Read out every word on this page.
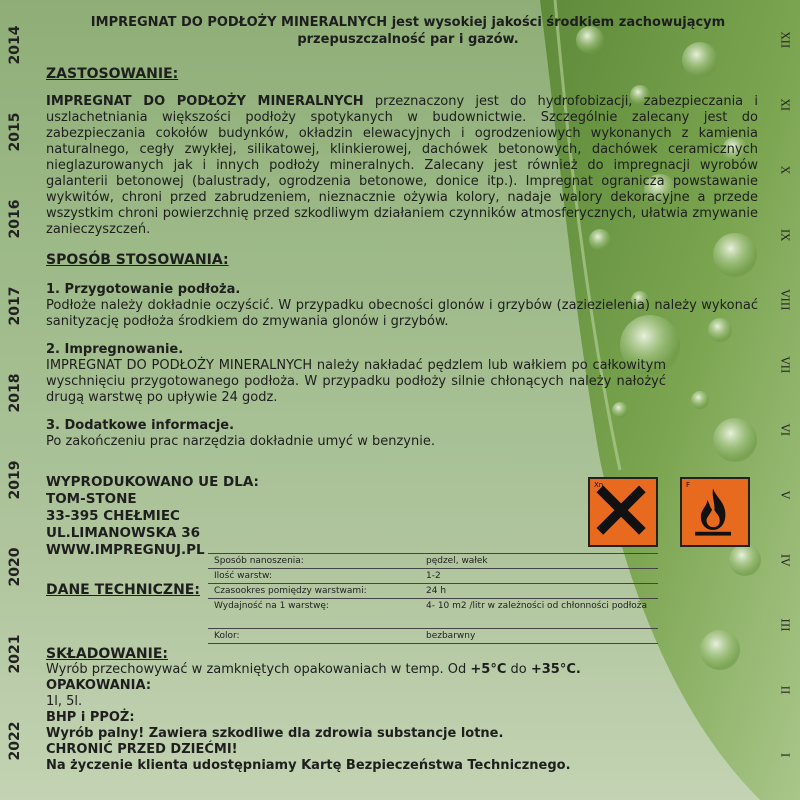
2014
2015
2016
2017
2018
2019
2020
2021
2022
XII
XI
X
IX
VIII
VII
VI
V
IV
III
II
I
IMPREGNAT DO PODŁOŻY MINERALNYCH jest wysokiej jakości środkiem zachowującym
przepuszczalność par i gazów.
ZASTOSOWANIE:

IMPREGNAT DO PODŁOŻY MINERALNYCH przeznaczony jest do hydrofobizacji, zabezpieczania i uszlachetniania większości podłoży spotykanych w budownictwie. Szczególnie zalecany jest do zabezpieczania cokołów budynków, okładzin elewacyjnych i ogrodzeniowych wykonanych z kamienia naturalnego, cegły zwykłej, silikatowej, klinkierowej, dachówek betonowych, dachówek ceramicznych nieglazurowanych jak i innych podłoży mineralnych. Zalecany jest również do impregnacji wyrobów galanterii betonowej (balustrady, ogrodzenia betonowe, donice itp.). Impregnat ogranicza powstawanie wykwitów, chroni przed zabrudzeniem, nieznacznie ożywia kolory, nadaje walory dekoracyjne a przede wszystkim chroni powierzchnię przed szkodliwym działaniem czynników atmosferycznych, ułatwia zmywanie zanieczyszczeń.

SPOSÓB STOSOWANIA:
1. Przygotowanie podłoża.

Podłoże należy dokładnie oczyścić. W przypadku obecności glonów i grzybów (zaziezielenia) należy wykonać sanityzację podłoża środkiem do zmywania glonów i grzybów.

2. Impregnowanie.

IMPREGNAT DO PODŁOŻY MINERALNYCH należy nakładać pędzlem lub wałkiem po całkowitym wyschnięciu przygotowanego podłoża. W przypadku podłoży silnie chłonących należy nałożyć drugą warstwę po upływie 24 godz.

3. Dodatkowe informacje.

Po zakończeniu prac narzędzia dokładnie umyć w benzynie.

WYPRODUKOWANO UE DLA:
TOM-STONE
33-395 CHEŁMIEC
UL.LIMANOWSKA 36
WWW.IMPREGNUJ.PL
Xn	F
DANE TECHNICZNE:
Sposób nanoszenia:	pędzel, wałek
Ilość warstw:	1-2
Czasookres pomiędzy warstwami:	24 h
Wydajność na 1 warstwę:	4- 10 m2 /litr w zależności od chłonności podłoża
Kolor:	bezbarwny
SKŁADOWANIE:
Wyrób przechowywać w zamkniętych opakowaniach w temp. Od +5°C do +35°C.
OPAKOWANIA:
1l, 5l.
BHP i PPOŻ:
Wyrób palny! Zawiera szkodliwe dla zdrowia substancje lotne.
CHRONIĆ PRZED DZIEĆMI!
Na życzenie klienta udostępniamy Kartę Bezpieczeństwa Technicznego.
